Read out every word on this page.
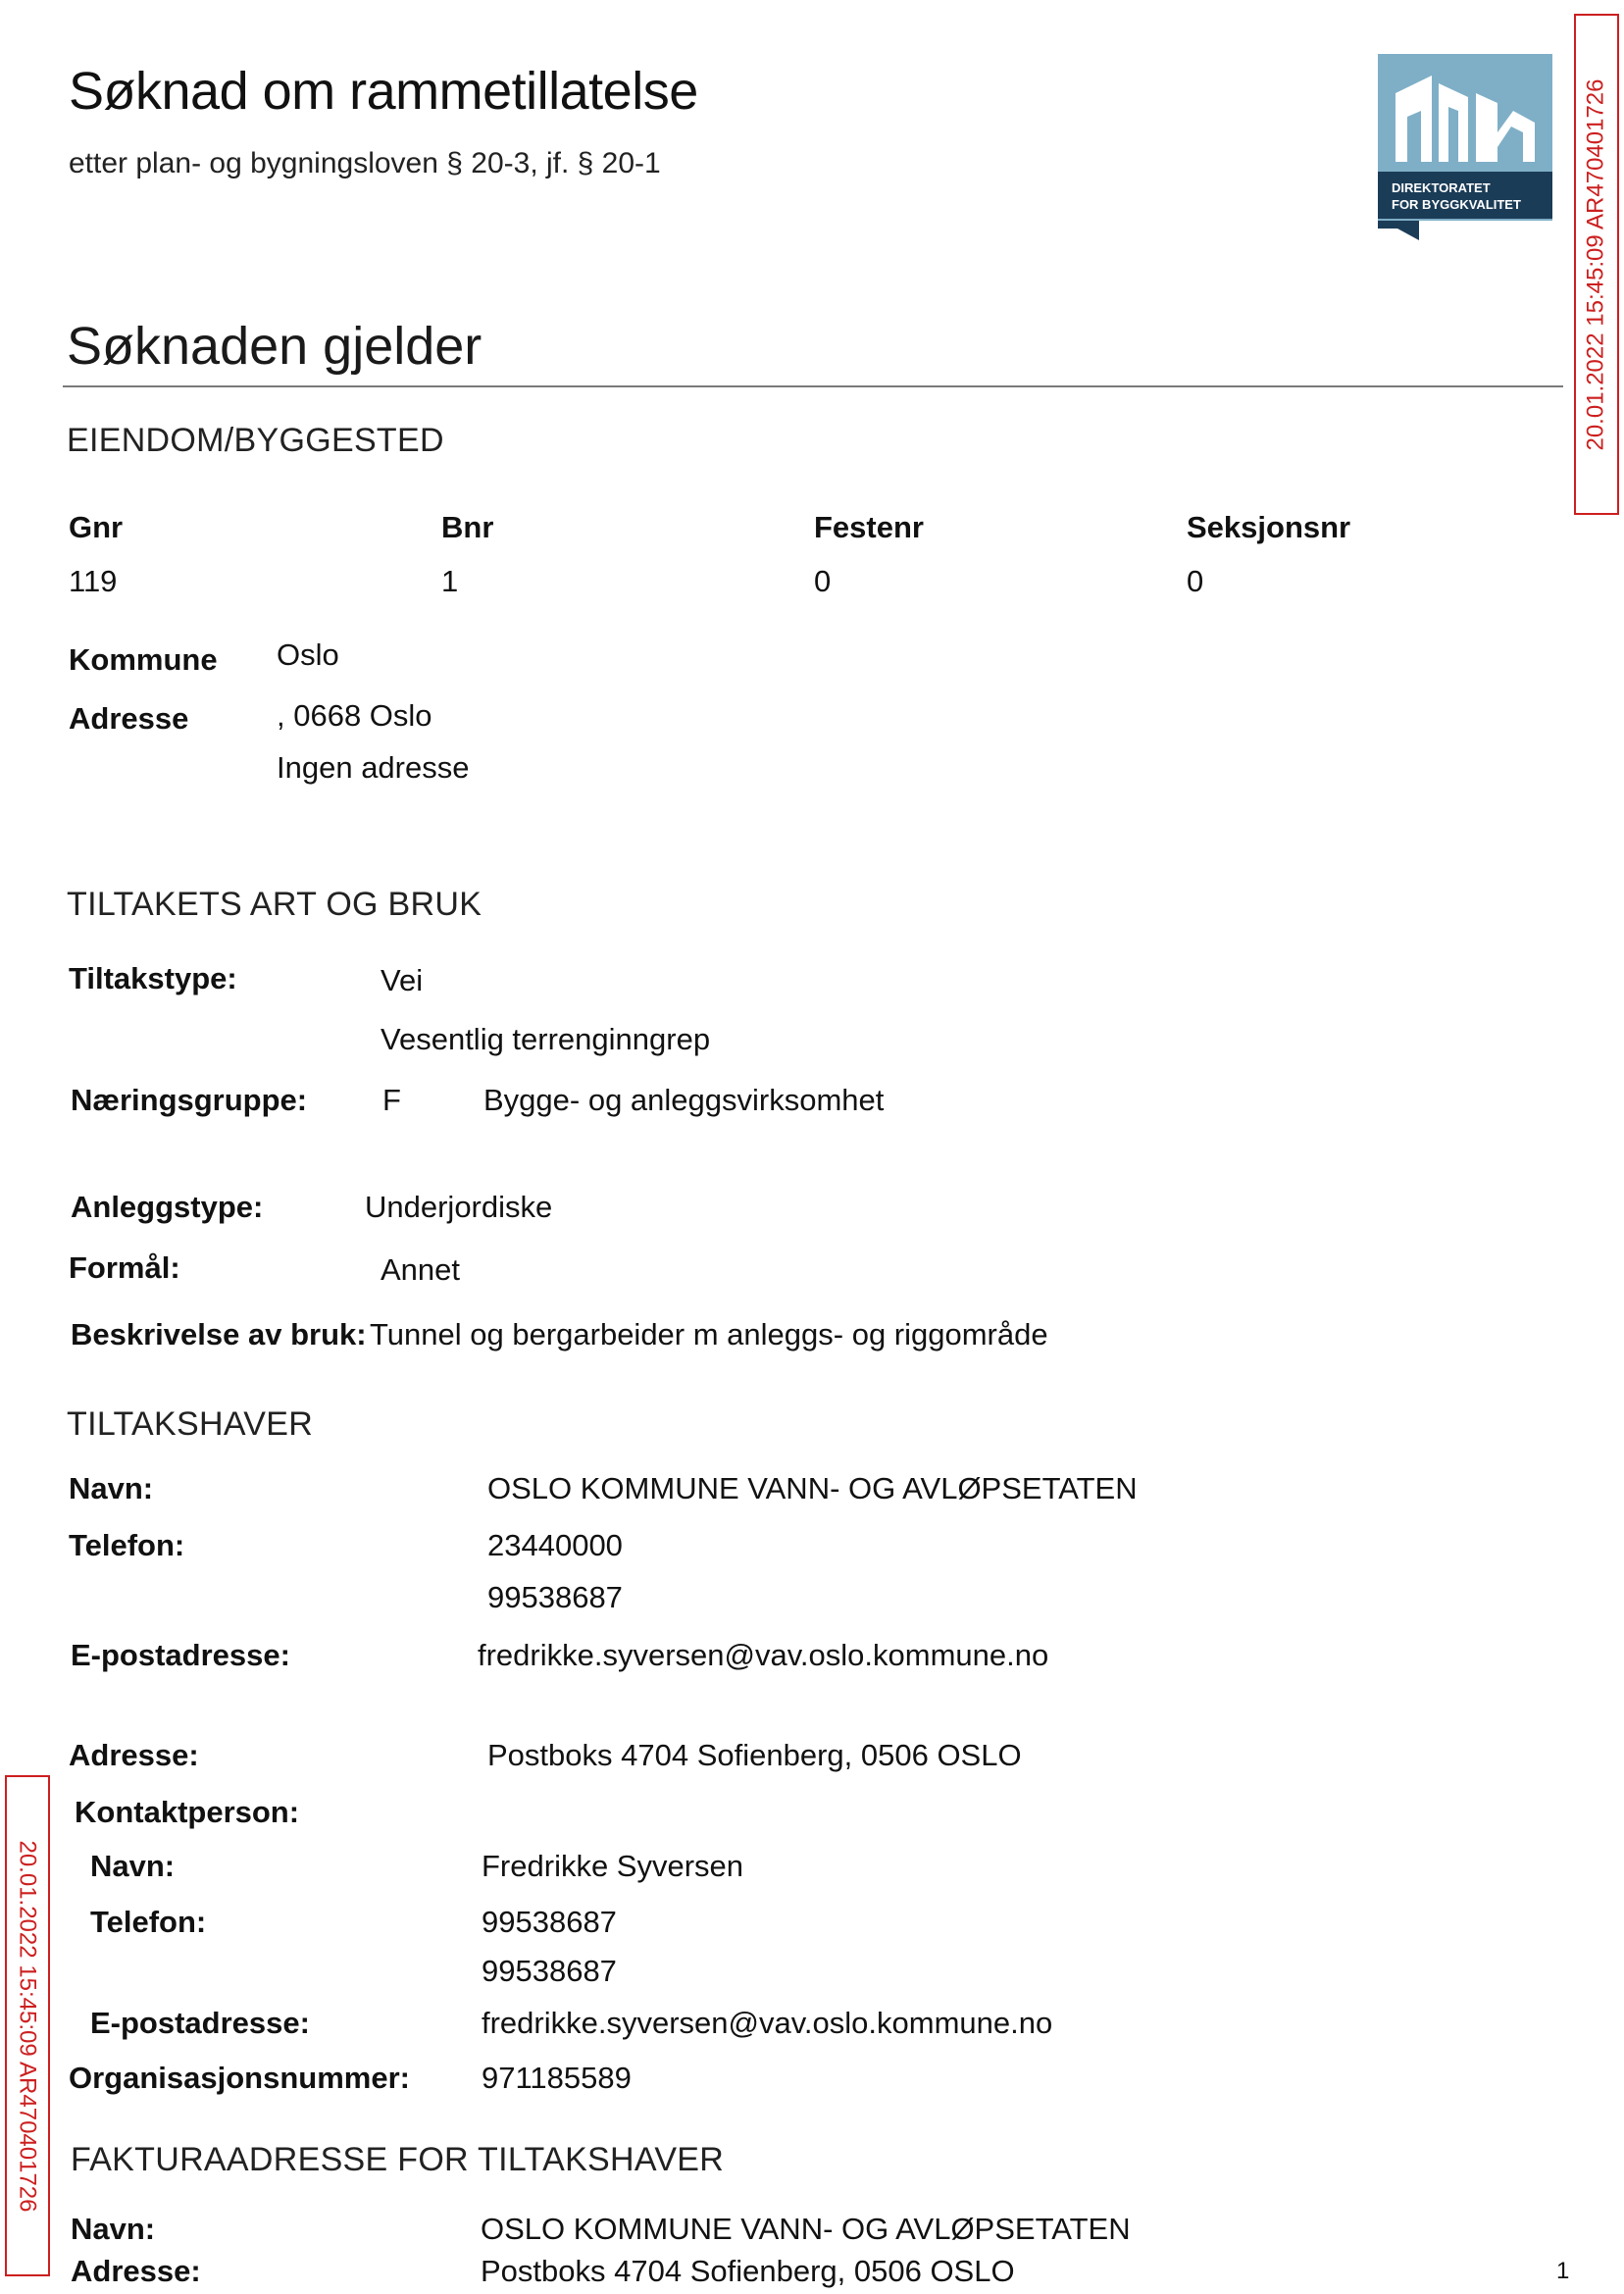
Søknad om rammetillatelse
etter plan- og bygningsloven § 20-3, jf. § 20-1
DIREKTORATET
FOR BYGGKVALITET	20.01.2022 15:45:09 AR470401726
20.01.2022 15:45:09 AR470401726
Søknaden gjelder
EIENDOM/BYGGESTED
Gnr	Bnr	Festenr	Seksjonsnr
119	1	0	0
Kommune Oslo
Adresse	, 0668 Oslo
Ingen adresse
TILTAKETS ART OG BRUK
Tiltakstype:	Vei
Vesentlig terrenginngrep
Næringsgruppe: F	Bygge- og anleggsvirksomhet
Anleggstype:	Underjordiske
Formål:	Annet
Beskrivelse av bruk: Tunnel og bergarbeider m anleggs- og riggområde
TILTAKSHAVER
Navn:	OSLO KOMMUNE VANN- OG AVLØPSETATEN
Telefon:	23440000
99538687
E-postadresse:	fredrikke.syversen@vav.oslo.kommune.no
Adresse:	Postboks 4704 Sofienberg, 0506 OSLO
Kontaktperson:
Navn:	Fredrikke Syversen
Telefon:	99538687
99538687
E-postadresse:	fredrikke.syversen@vav.oslo.kommune.no
Organisasjonsnummer: 971185589
FAKTURAADRESSE FOR TILTAKSHAVER
Navn:	OSLO KOMMUNE VANN- OG AVLØPSETATEN
Adresse:	Postboks 4704 Sofienberg, 0506 OSLO	1
